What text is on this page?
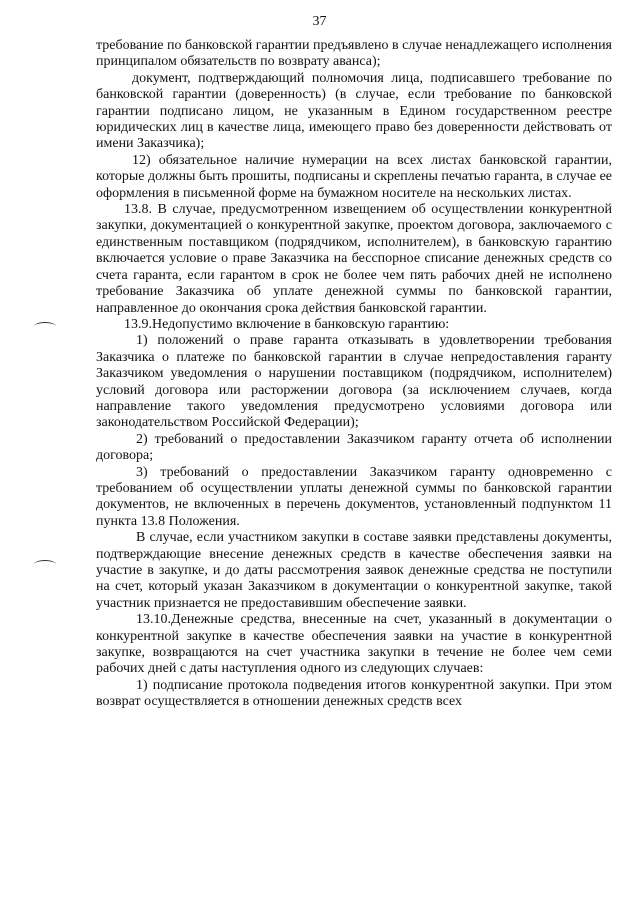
37

требование по банковской гарантии предъявлено в случае ненадлежащего исполнения принципалом обязательств по возврату аванса);

документ, подтверждающий полномочия лица, подписавшего требование по банковской гарантии (доверенность) (в случае, если требование по банковской гарантии подписано лицом, не указанным в Едином государственном реестре юридических лиц в качестве лица, имеющего право без доверенности действовать от имени Заказчика);

12) обязательное наличие нумерации на всех листах банковской гарантии, которые должны быть прошиты, подписаны и скреплены печатью гаранта, в случае ее оформления в письменной форме на бумажном носителе на нескольких листах.

13.8. В случае, предусмотренном извещением об осуществлении конкурентной закупки, документацией о конкурентной закупке, проектом договора, заключаемого с единственным поставщиком (подрядчиком, исполнителем), в банковскую гарантию включается условие о праве Заказчика на бесспорное списание денежных средств со счета гаранта, если гарантом в срок не более чем пять рабочих дней не исполнено требование Заказчика об уплате денежной суммы по банковской гарантии, направленное до окончания срока действия банковской гарантии.

13.9.Недопустимо включение в банковскую гарантию:

1) положений о праве гаранта отказывать в удовлетворении требования Заказчика о платеже по банковской гарантии в случае непредоставления гаранту Заказчиком уведомления о нарушении поставщиком (подрядчиком, исполнителем) условий договора или расторжении договора (за исключением случаев, когда направление такого уведомления предусмотрено условиями договора или законодательством Российской Федерации);

2) требований о предоставлении Заказчиком гаранту отчета об исполнении договора;

3) требований о предоставлении Заказчиком гаранту одновременно с требованием об осуществлении уплаты денежной суммы по банковской гарантии документов, не включенных в перечень документов, установленный подпунктом 11 пункта 13.8 Положения.

В случае, если участником закупки в составе заявки представлены документы, подтверждающие внесение денежных средств в качестве обеспечения заявки на участие в закупке, и до даты рассмотрения заявок денежные средства не поступили на счет, который указан Заказчиком в документации о конкурентной закупке, такой участник признается не предоставившим обеспечение заявки.

13.10.Денежные средства, внесенные на счет, указанный в документации о конкурентной закупке в качестве обеспечения заявки на участие в конкурентной закупке, возвращаются на счет участника закупки в течение не более чем семи рабочих дней с даты наступления одного из следующих случаев:

1) подписание протокола подведения итогов конкурентной закупки. При этом возврат осуществляется в отношении денежных средств всех
